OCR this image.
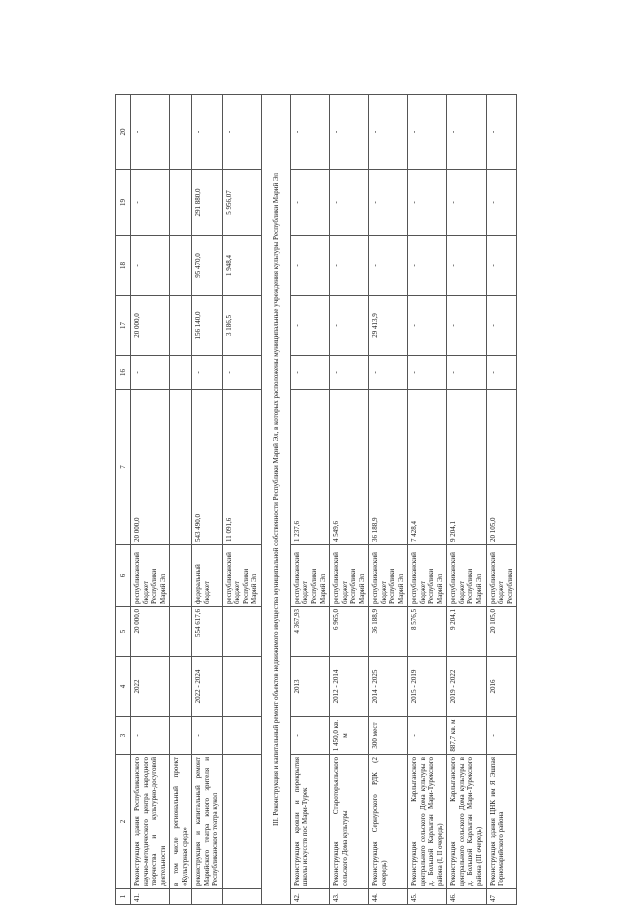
1	2	3	4	5	6	7	16	17	18	19	20
41.	Реконструкция здания Республиканского научно-методического центра народного творчества и культурно-досуговой деятельности	-	2022	20 000,0	республиканский бюджет Республики Марий Эл	20 000,0	-	20 000,0	-	-	-
	в том числе региональный проект «Культурная среда»										
	реконструкция и капитальный ремонт Марийского театра юного зрителя и Республиканского театра кукол	-	2022 - 2024	554 617,6	федеральный бюджет	543 490,0	-	156 140,0	95 470,0	291 880,0	-
					республиканский бюджет Республики Марий Эл	11 091,6	-	3 186,5	1 948,4	5 956,07	-
III. Реконструкция и капитальный ремонт объектов недвижимого имущества муниципальной собственности Республики Марий Эл, в которых расположены муниципальные учреждения культуры Республики Марий Эл											
42.	Реконструкция кровли и перекрытия школы искусств пос Мари-Турек	-	2013	4 367,93	республиканский бюджет Республики Марий Эл	1 237,6	-	-	-	-	-
43.	Реконструкция Староторъяльского сельского Дома культуры	1 450,0 кв. м	2012 - 2014	6 965,0	республиканский бюджет Республики Марий Эл	4 549,6	-	-	-	-	-
44.	Реконструкция Сернурского РДК (2 очередь)	300 мест	2014 - 2025	36 188,9	республиканский бюджет Республики Марий Эл	36 188,9	-	29 413,9	-	-	-
45.	Реконструкция Карлыганского центрального сельского Дома культуры в д. Большой Карлыган Мари-Турекского района (I, II очередь)	-	2015 - 2019	8 576,5	республиканский бюджет Республики Марий Эл	7 428,4	-	-	-	-	-
46.	Реконструкция Карлыганского центрального сельского Дома культуры в д. Большой Карлыган Мари-Турекского района (III очередь)	887,7 кв. м	2019 - 2022	9 204,1	республиканский бюджет Республики Марий Эл	9 204,1	-	-	-	-	-
47	Реконструкция здания ЦНК им Я Эшпая Горномарийского района	-	2016	20 105,0	республиканский бюджет Республики	20 105,0	-	-	-	-	-
